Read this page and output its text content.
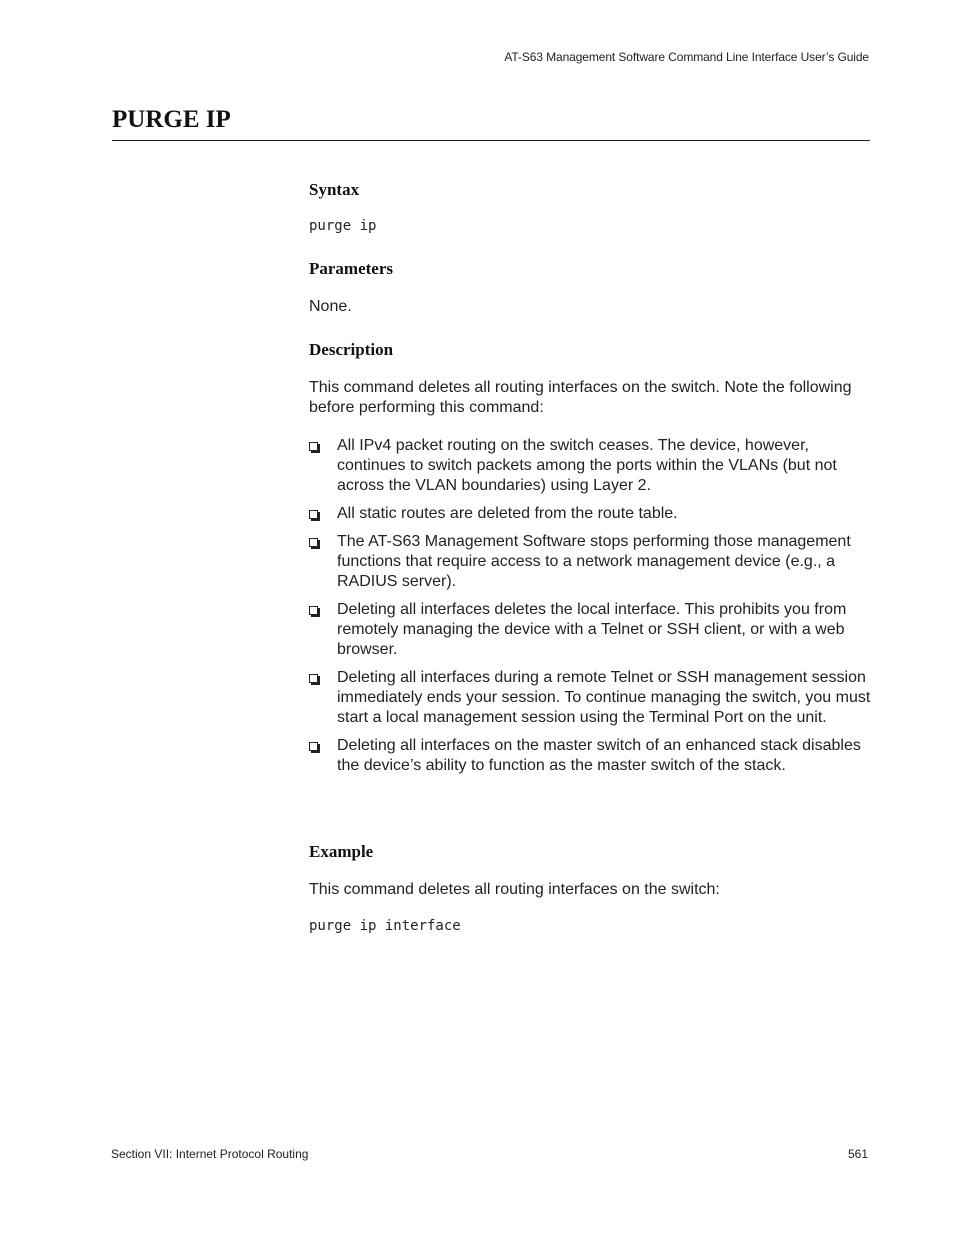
AT-S63 Management Software Command Line Interface User’s Guide
PURGE IP
Syntax
purge ip
Parameters

None.

Description

This command deletes all routing interfaces on the switch. Note the following before performing this command:

All IPv4 packet routing on the switch ceases. The device, however, continues to switch packets among the ports within the VLANs (but not across the VLAN boundaries) using Layer 2.
All static routes are deleted from the route table.
The AT-S63 Management Software stops performing those management functions that require access to a network management device (e.g., a RADIUS server).
Deleting all interfaces deletes the local interface. This prohibits you from remotely managing the device with a Telnet or SSH client, or with a web browser.
Deleting all interfaces during a remote Telnet or SSH management session immediately ends your session. To continue managing the switch, you must start a local management session using the Terminal Port on the unit.
Deleting all interfaces on the master switch of an enhanced stack disables the device’s ability to function as the master switch of the stack.
Example

This command deletes all routing interfaces on the switch:

purge ip interface
Section VII: Internet Protocol Routing	561
